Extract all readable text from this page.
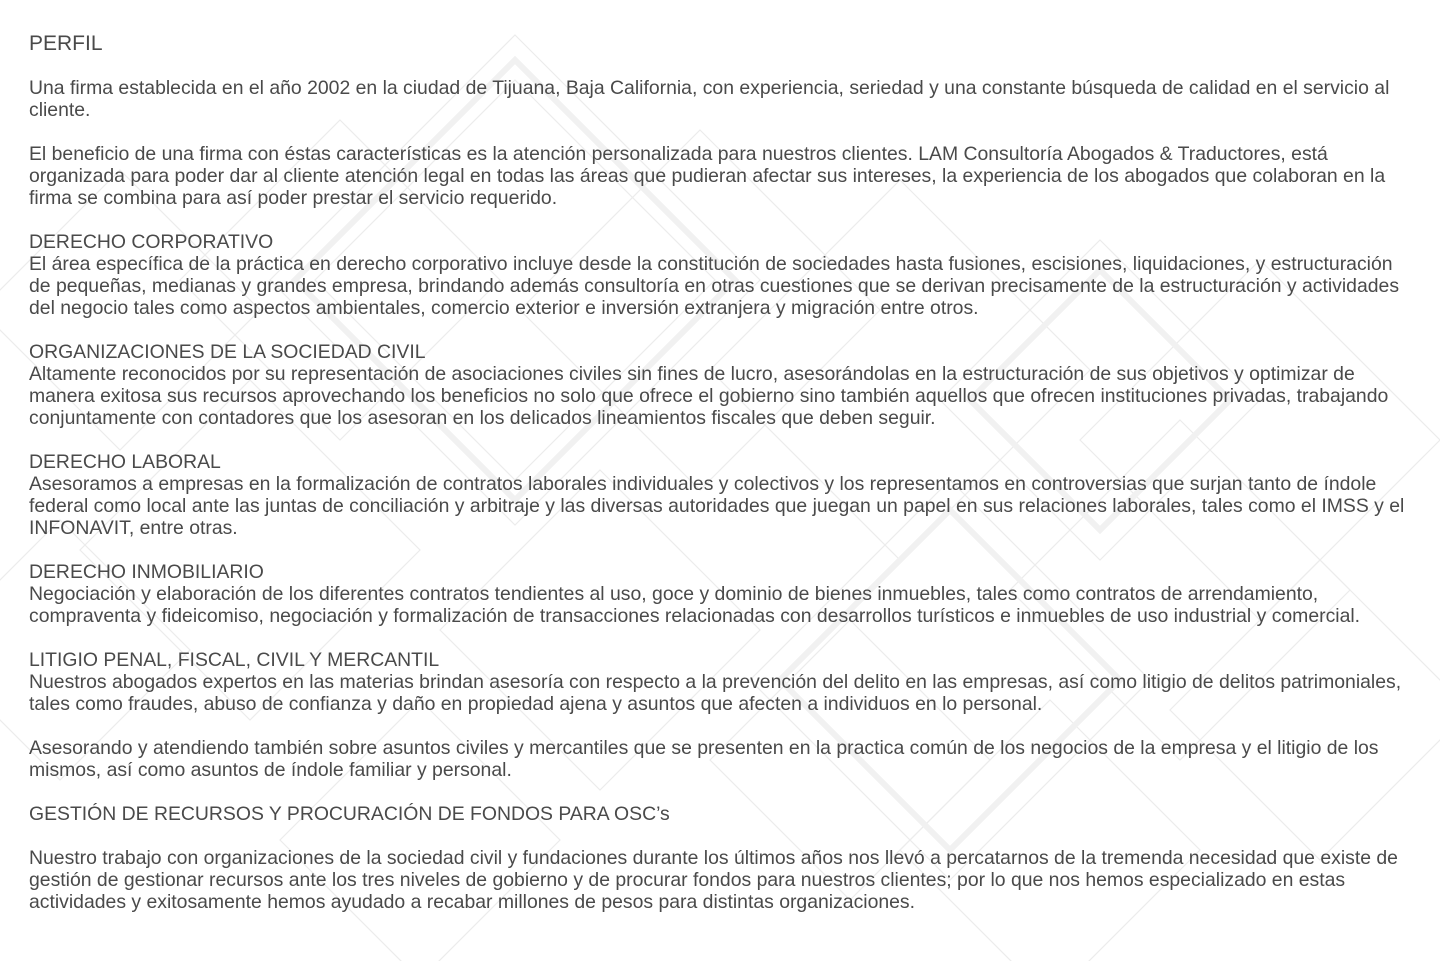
PERFIL

Una firma establecida en el año 2002 en la ciudad de Tijuana, Baja California, con experiencia, seriedad y una constante búsqueda de calidad en el servicio al cliente.

El beneficio de una firma con éstas características es la atención personalizada para nuestros clientes. LAM Consultoría Abogados & Traductores, está organizada para poder dar al cliente atención legal en todas las áreas que pudieran afectar sus intereses, la experiencia de los abogados que colaboran en la firma se combina para así poder prestar el servicio requerido.

DERECHO CORPORATIVO

El área específica de la práctica en derecho corporativo incluye desde la constitución de sociedades hasta fusiones, escisiones, liquidaciones, y estructuración de pequeñas, medianas y grandes empresa, brindando además consultoría en otras cuestiones que se derivan precisamente de la estructuración y actividades del negocio tales como aspectos ambientales, comercio exterior e inversión extranjera y migración entre otros.

ORGANIZACIONES DE LA SOCIEDAD CIVIL

Altamente reconocidos por su representación de asociaciones civiles sin fines de lucro, asesorándolas en la estructuración de sus objetivos y optimizar de manera exitosa sus recursos aprovechando los beneficios no solo que ofrece el gobierno sino también aquellos que ofrecen instituciones privadas, trabajando conjuntamente con contadores que los asesoran en los delicados lineamientos fiscales que deben seguir.

DERECHO LABORAL

Asesoramos a empresas en la formalización de contratos laborales individuales y colectivos y los representamos en controversias que surjan tanto de índole federal como local ante las juntas de conciliación y arbitraje y las diversas autoridades que juegan un papel en sus relaciones laborales, tales como el IMSS y el INFONAVIT, entre otras.

DERECHO INMOBILIARIO

Negociación y elaboración de los diferentes contratos tendientes al uso, goce y dominio de bienes inmuebles, tales como contratos de arrendamiento, compraventa y fideicomiso, negociación y formalización de transacciones relacionadas con desarrollos turísticos e inmuebles de uso industrial y comercial.

LITIGIO PENAL, FISCAL, CIVIL Y MERCANTIL

Nuestros abogados expertos en las materias brindan asesoría con respecto a la prevención del delito en las empresas, así como litigio de delitos patrimoniales, tales como fraudes, abuso de confianza y daño en propiedad ajena y asuntos que afecten a individuos en lo personal.

Asesorando y atendiendo también sobre asuntos civiles y mercantiles que se presenten en la practica común de los negocios de la empresa y el litigio de los mismos, así como asuntos de índole familiar y personal.

GESTIÓN DE RECURSOS Y PROCURACIÓN DE FONDOS PARA OSC’s

Nuestro trabajo con organizaciones de la sociedad civil y fundaciones durante los últimos años nos llevó a percatarnos de la tremenda necesidad que existe de gestión de gestionar recursos ante los tres niveles de gobierno y de procurar fondos para nuestros clientes; por lo que nos hemos especializado en estas actividades y exitosamente hemos ayudado a recabar millones de pesos para distintas organizaciones.
